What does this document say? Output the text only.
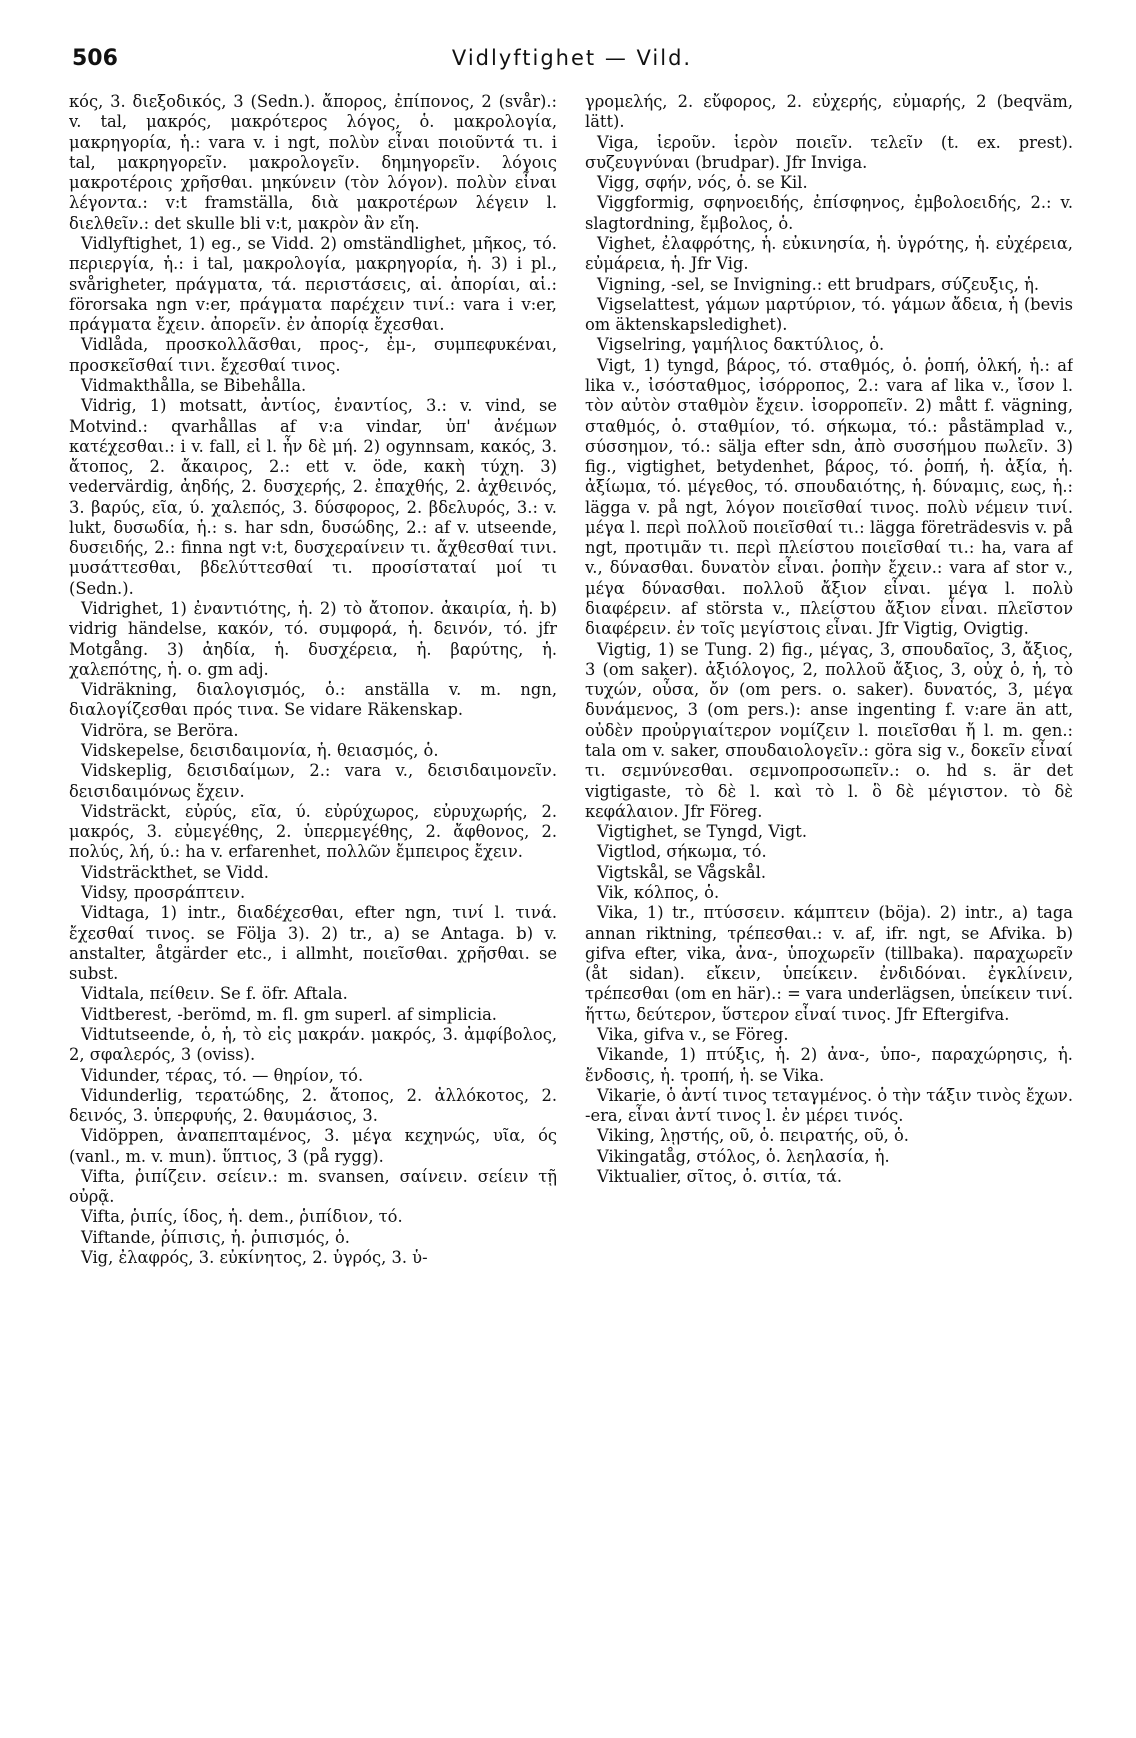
506	Vidlyftighet — Vild.

κός, 3. διεξοδικός, 3 (Sedn.). ἄπορος, ἐπίπονος, 2 (svår).: v. tal, μακρός, μακρότερος λόγος, ὁ. μακρολογία, μακρηγορία, ἡ.: vara v. i ngt, πολὺν εἶναι ποιοῦντά τι. i tal, μακρηγορεῖν. μακρολογεῖν. δημηγορεῖν. λόγοις μακροτέροις χρῆσθαι. μηκύνειν (τὸν λόγον). πολὺν εἶναι λέγοντα.: v:t framställa, διὰ μακροτέρων λέγειν l. διελθεῖν.: det skulle bli v:t, μακρὸν ἂν εἴη.

Vidlyftighet, 1) eg., se Vidd. 2) omständlighet, μῆκος, τό. περιεργία, ἡ.: i tal, μακρολογία, μακρηγορία, ἡ. 3) i pl., svårigheter, πράγματα, τά. περιστάσεις, αἱ. ἀπορίαι, αἱ.: förorsaka ngn v:er, πράγματα παρέχειν τινί.: vara i v:er, πράγματα ἔχειν. ἀπορεῖν. ἐν ἀπορίᾳ ἔχεσθαι.

Vidlåda, προσκολλᾶσθαι, προς-, ἐμ-, συμπεφυκέναι, προσκεῖσθαί τινι. ἔχεσθαί τινος.

Vidmakthålla, se Bibehålla.

Vidrig, 1) motsatt, ἀντίος, ἐναντίος, 3.: v. vind, se Motvind.: qvarhållas af v:a vindar, ὑπ' ἀνέμων κατέχεσθαι.: i v. fall, εἰ l. ἦν δὲ μή. 2) ogynnsam, κακός, 3. ἄτοπος, 2. ἄκαιρος, 2.: ett v. öde, κακὴ τύχη. 3) vedervärdig, ἀηδής, 2. δυσχερής, 2. ἐπαχθής, 2. ἀχθεινός, 3. βαρύς, εῖα, ύ. χαλεπός, 3. δύσφορος, 2. βδελυρός, 3.: v. lukt, δυσωδία, ἡ.: s. har sdn, δυσώδης, 2.: af v. utseende, δυσειδής, 2.: finna ngt v:t, δυσχεραίνειν τι. ἄχθεσθαί τινι. μυσάττεσθαι, βδελύττεσθαί τι. προσίσταταί μοί τι (Sedn.).

Vidrighet, 1) ἐναντιότης, ἡ. 2) τὸ ἄτοπον. ἀκαιρία, ἡ. b) vidrig händelse, κακόν, τό. συμφορά, ἡ. δεινόν, τό. jfr Motgång. 3) ἀηδία, ἡ. δυσχέρεια, ἡ. βαρύτης, ἡ. χαλεπότης, ἡ. o. gm adj.

Vidräkning, διαλογισμός, ὁ.: anställa v. m. ngn, διαλογίζεσθαι πρός τινα. Se vidare Räkenskap.

Vidröra, se Beröra.

Vidskepelse, δεισιδαιμονία, ἡ. θειασμός, ὁ.

Vidskeplig, δεισιδαίμων, 2.: vara v., δεισιδαιμονεῖν. δεισιδαιμόνως ἔχειν.

Vidsträckt, εὐρύς, εῖα, ύ. εὐρύχωρος, εὐρυχωρής, 2. μακρός, 3. εὐμεγέθης, 2. ὑπερμεγέθης, 2. ἄφθονος, 2. πολύς, λή, ύ.: ha v. erfarenhet, πολλῶν ἔμπειρος ἔχειν.

Vidsträckthet, se Vidd.

Vidsy, προσράπτειν.

Vidtaga, 1) intr., διαδέχεσθαι, efter ngn, τινί l. τινά. ἔχεσθαί τινος. se Följa 3). 2) tr., a) se Antaga. b) v. anstalter, åtgärder etc., i allmht, ποιεῖσθαι. χρῆσθαι. se subst.

Vidtala, πείθειν. Se f. öfr. Aftala.

Vidtberest, -berömd, m. fl. gm superl. af simplicia.

Vidtutseende, ὁ, ἡ, τὸ εἰς μακράν. μακρός, 3. ἀμφίβολος, 2, σφαλερός, 3 (oviss).

Vidunder, τέρας, τό. — θηρίον, τό.

Vidunderlig, τερατώδης, 2. ἄτοπος, 2. ἀλλόκοτος, 2. δεινός, 3. ὑπερφυής, 2. θαυμάσιος, 3.

Vidöppen, ἀναπεπταμένος, 3. μέγα κεχηνώς, υῖα, ός (vanl., m. v. mun). ὕπτιος, 3 (på rygg).

Vifta, ῥιπίζειν. σείειν.: m. svansen, σαίνειν. σείειν τῇ οὐρᾷ.

Vifta, ῥιπίς, ίδος, ἡ. dem., ῥιπίδιον, τό.

Viftande, ῥίπισις, ἡ. ῥιπισμός, ὁ.

Vig, ἐλαφρός, 3. εὐκίνητος, 2. ὑγρός, 3. ὑ-

γρομελής, 2. εὔφορος, 2. εὐχερής, εὐμαρής, 2 (beqväm, lätt).

Viga, ἱεροῦν. ἱερὸν ποιεῖν. τελεῖν (t. ex. prest). συζευγνύναι (brudpar). Jfr Inviga.

Vigg, σφήν, νός, ὁ. se Kil.

Viggformig, σφηνοειδής, ἐπίσφηνος, ἐμβολοειδής, 2.: v. slagtordning, ἔμβολος, ὁ.

Vighet, ἐλαφρότης, ἡ. εὐκινησία, ἡ. ὑγρότης, ἡ. εὐχέρεια, εὐμάρεια, ἡ. Jfr Vig.

Vigning, -sel, se Invigning.: ett brudpars, σύζευξις, ἡ.

Vigselattest, γάμων μαρτύριον, τό. γάμων ἄδεια, ἡ (bevis om äktenskapsledighet).

Vigselring, γαμήλιος δακτύλιος, ὁ.

Vigt, 1) tyngd, βάρος, τό. σταθμός, ὁ. ῥοπή, ὁλκή, ἡ.: af lika v., ἰσόσταθμος, ἰσόρροπος, 2.: vara af lika v., ἴσον l. τὸν αὐτὸν σταθμὸν ἔχειν. ἰσορροπεῖν. 2) mått f. vägning, σταθμός, ὁ. σταθμίον, τό. σήκωμα, τό.: påstämplad v., σύσσημον, τό.: sälja efter sdn, ἀπὸ συσσήμου πωλεῖν. 3) fig., vigtighet, betydenhet, βάρος, τό. ῥοπή, ἡ. ἀξία, ἡ. ἀξίωμα, τό. μέγεθος, τό. σπουδαιότης, ἡ. δύναμις, εως, ἡ.: lägga v. på ngt, λόγον ποιεῖσθαί τινος. πολὺ νέμειν τινί. μέγα l. περὶ πολλοῦ ποιεῖσθαί τι.: lägga företrädesvis v. på ngt, προτιμᾶν τι. περὶ πλείστου ποιεῖσθαί τι.: ha, vara af v., δύνασθαι. δυνατὸν εἶναι. ῥοπὴν ἔχειν.: vara af stor v., μέγα δύνασθαι. πολλοῦ ἄξιον εἶναι. μέγα l. πολὺ διαφέρειν. af största v., πλείστου ἄξιον εἶναι. πλεῖστον διαφέρειν. ἐν τοῖς μεγίστοις εἶναι. Jfr Vigtig, Ovigtig.

Vigtig, 1) se Tung. 2) fig., μέγας, 3, σπουδαῖος, 3, ἄξιος, 3 (om saker). ἀξιόλογος, 2, πολλοῦ ἄξιος, 3, οὐχ ὁ, ἡ, τὸ τυχών, οὖσα, ὄν (om pers. o. saker). δυνατός, 3, μέγα δυνάμενος, 3 (om pers.): anse ingenting f. v:are än att, οὐδὲν προὐργιαίτερον νομίζειν l. ποιεῖσθαι ἤ l. m. gen.: tala om v. saker, σπουδαιολογεῖν.: göra sig v., δοκεῖν εἶναί τι. σεμνύνεσθαι. σεμνοπροσωπεῖν.: o. hd s. är det vigtigaste, τὸ δὲ l. καὶ τὸ l. ὃ δὲ μέγιστον. τὸ δὲ κεφάλαιον. Jfr Föreg.

Vigtighet, se Tyngd, Vigt.

Vigtlod, σήκωμα, τό.

Vigtskål, se Vågskål.

Vik, κόλπος, ὁ.

Vika, 1) tr., πτύσσειν. κάμπτειν (böja). 2) intr., a) taga annan riktning, τρέπεσθαι.: v. af, ifr. ngt, se Afvika. b) gifva efter, vika, ἀνα-, ὑποχωρεῖν (tillbaka). παραχωρεῖν (åt sidan). εἴκειν, ὑπείκειν. ἐνδιδόναι. ἐγκλίνειν, τρέπεσθαι (om en här).: = vara underlägsen, ὑπείκειν τινί. ἥττω, δεύτερον, ὕστερον εἶναί τινος. Jfr Eftergifva.

Vika, gifva v., se Föreg.

Vikande, 1) πτύξις, ἡ. 2) ἀνα-, ὑπο-, παραχώρησις, ἡ. ἔνδοσις, ἡ. τροπή, ἡ. se Vika.

Vikarie, ὁ ἀντί τινος τεταγμένος. ὁ τὴν τάξιν τινὸς ἔχων. -era, εἶναι ἀντί τινος l. ἐν μέρει τινός.

Viking, λῃστής, οῦ, ὁ. πειρατής, οῦ, ὁ.

Vikingatåg, στόλος, ὁ. λεηλασία, ἡ.

Viktualier, σῖτος, ὁ. σιτία, τά.
